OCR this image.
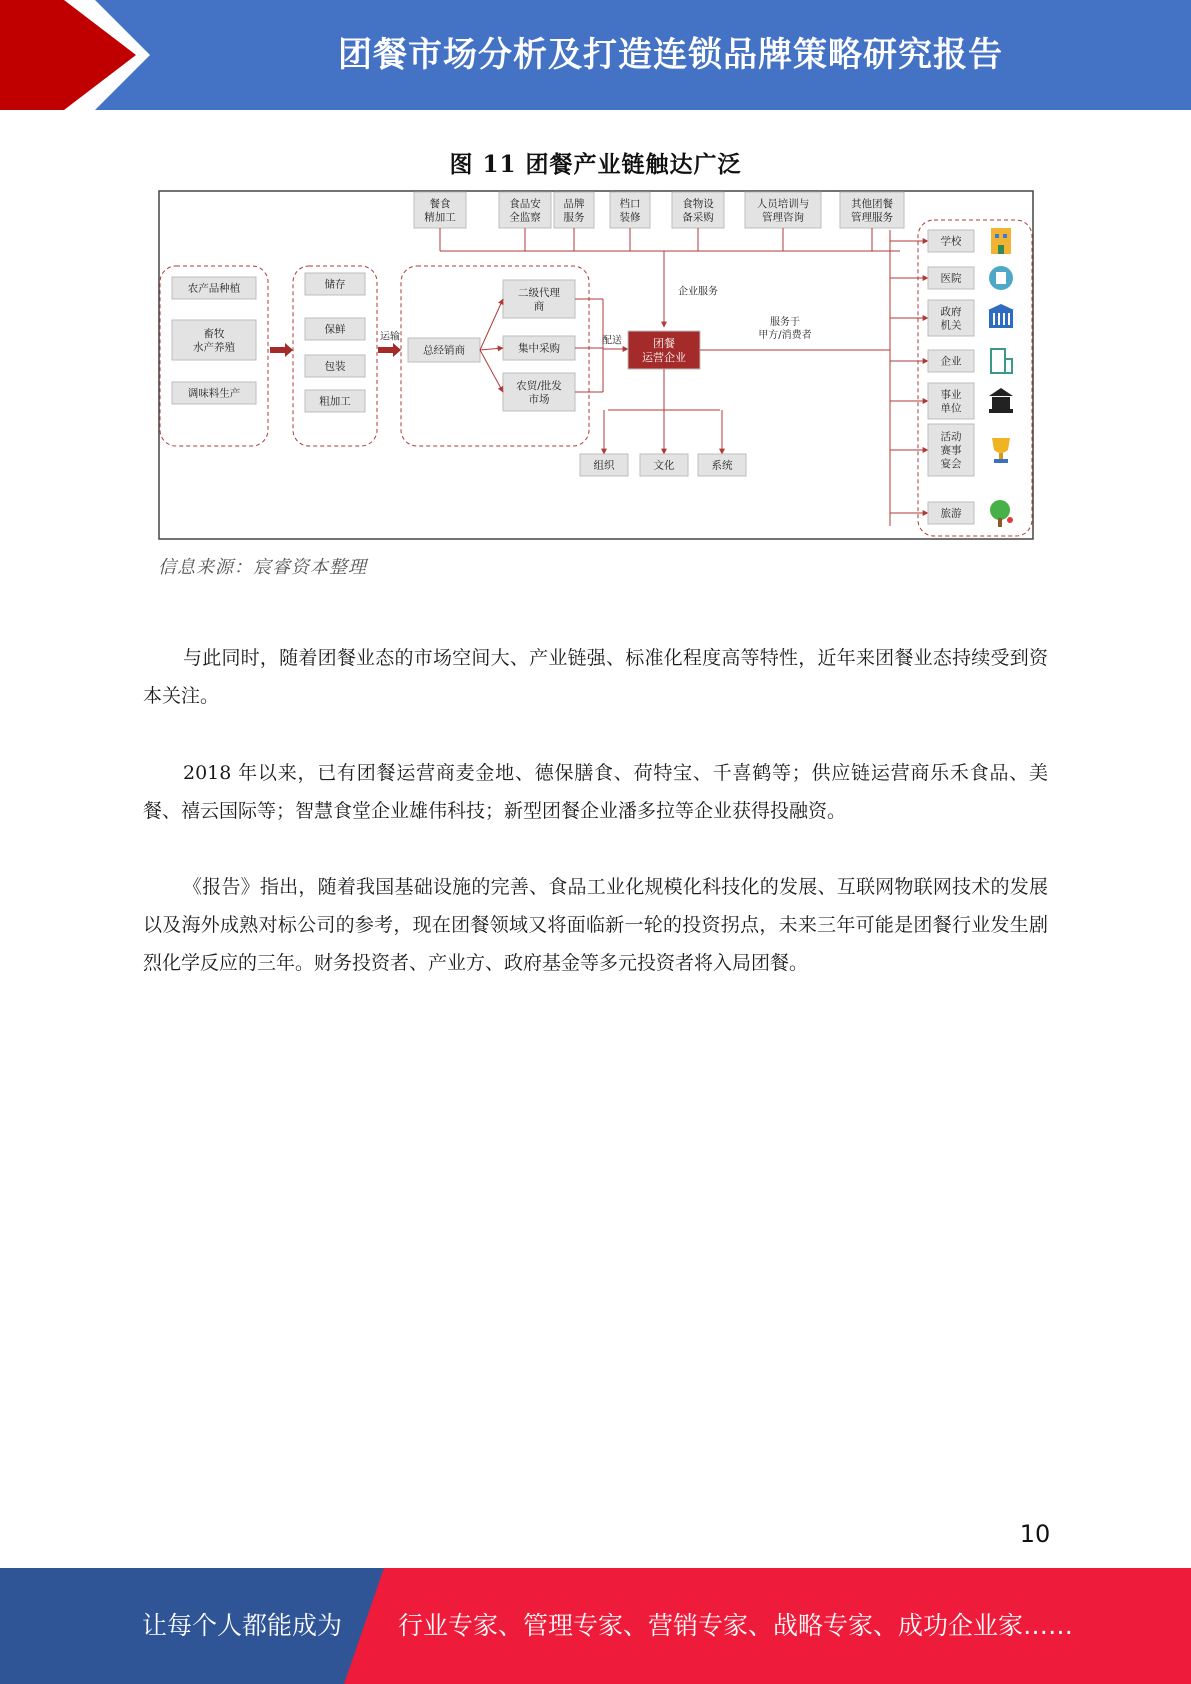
团餐市场分析及打造连锁品牌策略研究报告
图 11 团餐产业链触达广泛
餐食
精加工
食品安
全监察
品牌
服务
档口
装修
食物设
备采购
人员培训与
管理咨询
其他团餐
管理服务
企业服务
农产品种植
畜牧
水产养殖
调味料生产
储存
保鲜
包装
粗加工
运输
总经销商
二级代理
商
集中采购
农贸/批发
市场
配送	团餐
运营企业
组织	文化	系统
服务于
甲方/消费者
学校
医院
政府
机关
企业
事业
单位
活动
赛事
宴会
旅游
信息来源：宸睿资本整理

与此同时，随着团餐业态的市场空间大、产业链强、标准化程度高等特性，近年来团餐业态持续受到资本关注。

2018 年以来，已有团餐运营商麦金地、德保膳食、荷特宝、千喜鹤等；供应链运营商乐禾食品、美餐、禧云国际等；智慧食堂企业雄伟科技；新型团餐企业潘多拉等企业获得投融资。

《报告》指出，随着我国基础设施的完善、食品工业化规模化科技化的发展、互联网物联网技术的发展以及海外成熟对标公司的参考，现在团餐领域又将面临新一轮的投资拐点，未来三年可能是团餐行业发生剧烈化学反应的三年。财务投资者、产业方、政府基金等多元投资者将入局团餐。

10
让每个人都能成为 行业专家、管理专家、营销专家、战略专家、成功企业家……
